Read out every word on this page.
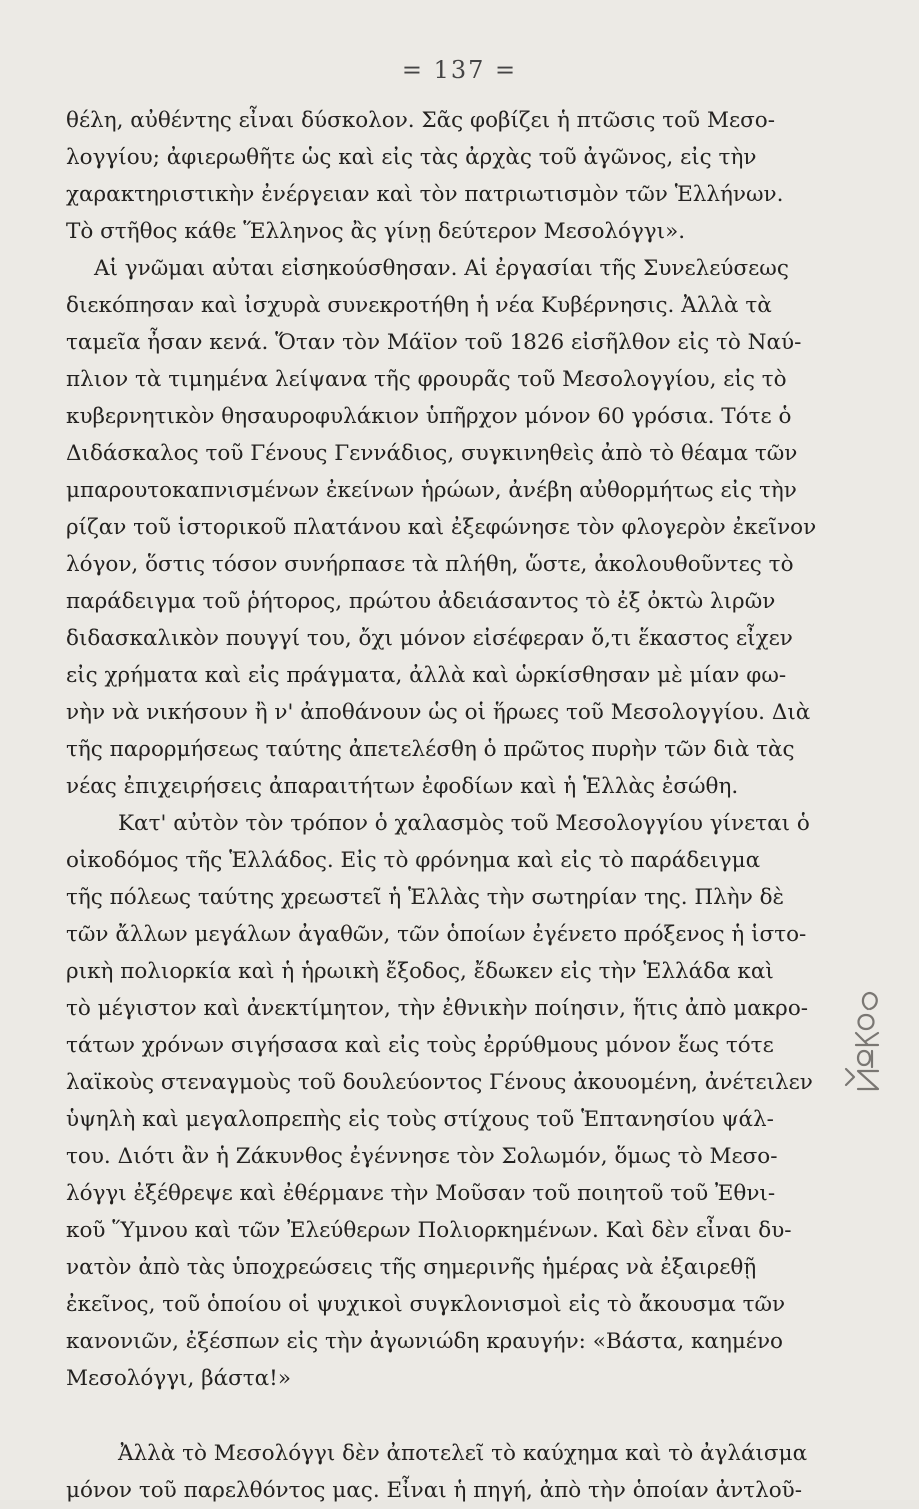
= 137 =
θέλη, αὐθέντης εἶναι δύσκολον. Σᾶς φοβίζει ἡ πτῶσις τοῦ Μεσο-
λογγίου; ἀφιερωθῆτε ὡς καὶ εἰς τὰς ἀρχὰς τοῦ ἀγῶνος, εἰς τὴν
χαρακτηριστικὴν ἐνέργειαν καὶ τὸν πατριωτισμὸν τῶν Ἑλλήνων.
Τὸ στῆθος κάθε Ἕλληνος ἂς γίνῃ δεύτερον Μεσολόγγι».
Αἱ γνῶμαι αὐται εἰσηκούσθησαν. Αἱ ἐργασίαι τῆς Συνελεύσεως
διεκόπησαν καὶ ἰσχυρὰ συνεκροτήθη ἡ νέα Κυβέρνησις. Ἀλλὰ τὰ
ταμεῖα ἦσαν κενά. Ὅταν τὸν Μάϊον τοῦ 1826 εἰσῆλθον εἰς τὸ Ναύ-
πλιον τὰ τιμημένα λείψανα τῆς φρουρᾶς τοῦ Μεσολογγίου, εἰς τὸ
κυβερνητικὸν θησαυροφυλάκιον ὑπῆρχον μόνον 60 γρόσια. Τότε ὁ
Διδάσκαλος τοῦ Γένους Γεννάδιος, συγκινηθεὶς ἀπὸ τὸ θέαμα τῶν
μπαρουτοκαπνισμένων ἐκείνων ἡρώων, ἀνέβη αὐθορμήτως εἰς τὴν
ρίζαν τοῦ ἱστορικοῦ πλατάνου καὶ ἐξεφώνησε τὸν φλογερὸν ἐκεῖνον
λόγον, ὅστις τόσον συνήρπασε τὰ πλήθη, ὥστε, ἀκολουθοῦντες τὸ
παράδειγμα τοῦ ῥήτορος, πρώτου ἀδειάσαντος τὸ ἐξ ὀκτὼ λιρῶν
διδασκαλικὸν πουγγί του, ὄχι μόνον εἰσέφεραν ὅ,τι ἕκαστος εἶχεν
εἰς χρήματα καὶ εἰς πράγματα, ἀλλὰ καὶ ὡρκίσθησαν μὲ μίαν φω-
νὴν νὰ νικήσουν ἢ ν' ἀποθάνουν ὡς οἱ ἥρωες τοῦ Μεσολογγίου. Διὰ
τῆς παρορμήσεως ταύτης ἀπετελέσθη ὁ πρῶτος πυρὴν τῶν διὰ τὰς
νέας ἐπιχειρήσεις ἀπαραιτήτων ἐφοδίων καὶ ἡ Ἑλλὰς ἐσώθη.
Κατ' αὐτὸν τὸν τρόπον ὁ χαλασμὸς τοῦ Μεσολογγίου γίνεται ὁ
οἰκοδόμος τῆς Ἑλλάδος. Εἰς τὸ φρόνημα καὶ εἰς τὸ παράδειγμα
τῆς πόλεως ταύτης χρεωστεῖ ἡ Ἑλλὰς τὴν σωτηρίαν της. Πλὴν δὲ
τῶν ἄλλων μεγάλων ἀγαθῶν, τῶν ὁποίων ἐγένετο πρόξενος ἡ ἱστο-
ρικὴ πολιορκία καὶ ἡ ἡρωικὴ ἔξοδος, ἔδωκεν εἰς τὴν Ἑλλάδα καὶ
τὸ μέγιστον καὶ ἀνεκτίμητον, τὴν ἐθνικὴν ποίησιν, ἥτις ἀπὸ μακρο-
τάτων χρόνων σιγήσασα καὶ εἰς τοὺς ἐρρύθμους μόνον ἕως τότε
λαϊκοὺς στεναγμοὺς τοῦ δουλεύοντος Γένους ἀκουομένη, ἀνέτειλεν
ὑψηλὴ καὶ μεγαλοπρεπὴς εἰς τοὺς στίχους τοῦ Ἑπτανησίου ψάλ-
του. Διότι ἂν ἡ Ζάκυνθος ἐγέννησε τὸν Σολωμόν, ὅμως τὸ Μεσο-
λόγγι ἐξέθρεψε καὶ ἐθέρμανε τὴν Μοῦσαν τοῦ ποιητοῦ τοῦ Ἐθνι-
κοῦ Ὕμνου καὶ τῶν Ἐλεύθερων Πολιορκημένων. Καὶ δὲν εἶναι δυ-
νατὸν ἀπὸ τὰς ὑποχρεώσεις τῆς σημερινῆς ἡμέρας νὰ ἐξαιρεθῇ
ἐκεῖνος, τοῦ ὁποίου οἱ ψυχικοὶ συγκλονισμοὶ εἰς τὸ ἄκουσμα τῶν
κανονιῶν, ἐξέσπων εἰς τὴν ἀγωνιώδη κραυγήν: «Βάστα, καημένο
Μεσολόγγι, βάστα!»
Ἀλλὰ τὸ Μεσολόγγι δὲν ἀποτελεῖ τὸ καύχημα καὶ τὸ ἀγλάισμα
μόνον τοῦ παρελθόντος μας. Εἶναι ἡ πηγή, ἀπὸ τὴν ὁποίαν ἀντλοῦ-
